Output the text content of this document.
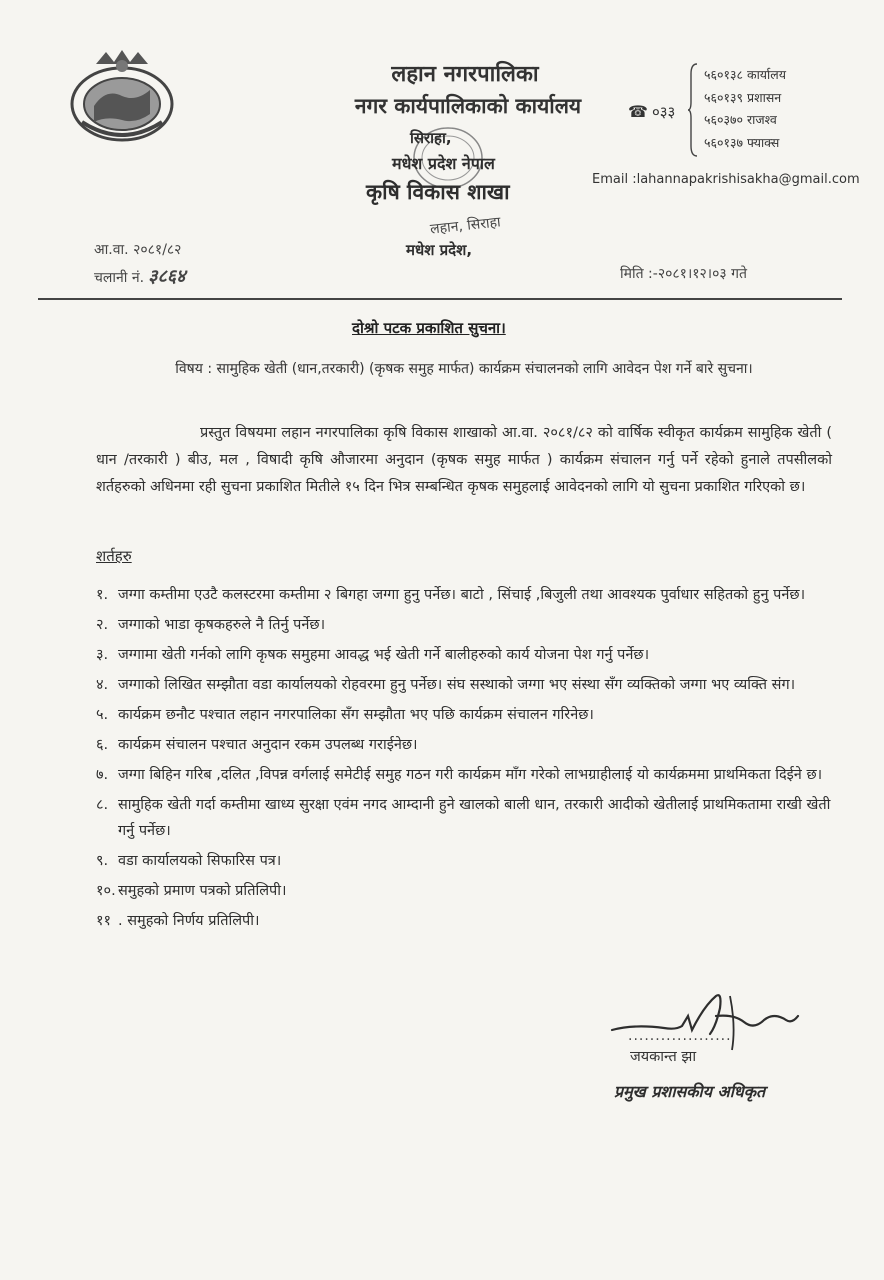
लहान नगरपालिका
नगर कार्यपालिकाको कार्यालय
सिराहा,
मधेश प्रदेश नेपाल
कृषि विकास शाखा
लहान, सिराहा
मधेश प्रदेश,
☎ ०३३
५६०१३८ कार्यालय
५६०१३९ प्रशासन
५६०३७० राजश्व
५६०१३७ फ्याक्स
Email :lahannapakrishisakha@gmail.com
आ.वा. २०८१/८२
चलानी नं. ३८६४	मिति :-२०८१।१२।०३ गते
दोश्रो पटक प्रकाशित सुचना।
विषय : सामुहिक खेती (धान,तरकारी) (कृषक समुह मार्फत) कार्यक्रम संचालनको लागि आवेदन पेश गर्ने बारे सुचना।
प्रस्तुत विषयमा लहान नगरपालिका कृषि विकास शाखाको आ.वा. २०८१/८२ को वार्षिक स्वीकृत कार्यक्रम सामुहिक खेती ( धान /तरकारी ) बीउ, मल , विषादी कृषि औजारमा अनुदान (कृषक समुह मार्फत ) कार्यक्रम संचालन गर्नु पर्ने रहेको हुनाले तपसीलको शर्तहरुको अधिनमा रही सुचना प्रकाशित मितीले १५ दिन भित्र सम्बन्धित कृषक समुहलाई आवेदनको लागि यो सुचना प्रकाशित गरिएको छ।
शर्तहरु
१. जग्गा कम्तीमा एउटै कलस्टरमा कम्तीमा २ बिगहा जग्गा हुनु पर्नेछ। बाटो , सिंचाई ,बिजुली तथा आवश्यक पुर्वाधार सहितको हुनु पर्नेछ।
२. जग्गाको भाडा कृषकहरुले नै तिर्नु पर्नेछ।
३. जग्गामा खेती गर्नको लागि कृषक समुहमा आवद्ध भई खेती गर्ने बालीहरुको कार्य योजना पेश गर्नु पर्नेछ।
४. जग्गाको लिखित सम्झौता वडा कार्यालयको रोहवरमा हुनु पर्नेछ। संघ सस्थाको जग्गा भए संस्था सँग व्यक्तिको जग्गा भए व्यक्ति संग।
५. कार्यक्रम छनौट पश्चात लहान नगरपालिका सँग सम्झौता भए पछि कार्यक्रम संचालन गरिनेछ।
६. कार्यक्रम संचालन पश्चात अनुदान रकम उपलब्ध गराईनेछ।
७. जग्गा बिहिन गरिब ,दलित ,विपन्न वर्गलाई समेटीई समुह गठन गरी कार्यक्रम माँग गरेको लाभग्राहीलाई यो कार्यक्रममा प्राथमिकता दिईने छ।
८. सामुहिक खेती गर्दा कम्तीमा खाध्य सुरक्षा एवंम नगद आम्दानी हुने खालको बाली धान, तरकारी आदीको खेतीलाई प्राथमिकतामा राखी खेती गर्नु पर्नेछ।
९. वडा कार्यालयको सिफारिस पत्र।
१०. समुहको प्रमाण पत्रको प्रतिलिपी।
११ . समुहको निर्णय प्रतिलिपी।
...................
जयकान्त झा
प्रमुख प्रशासकीय अधिकृत
